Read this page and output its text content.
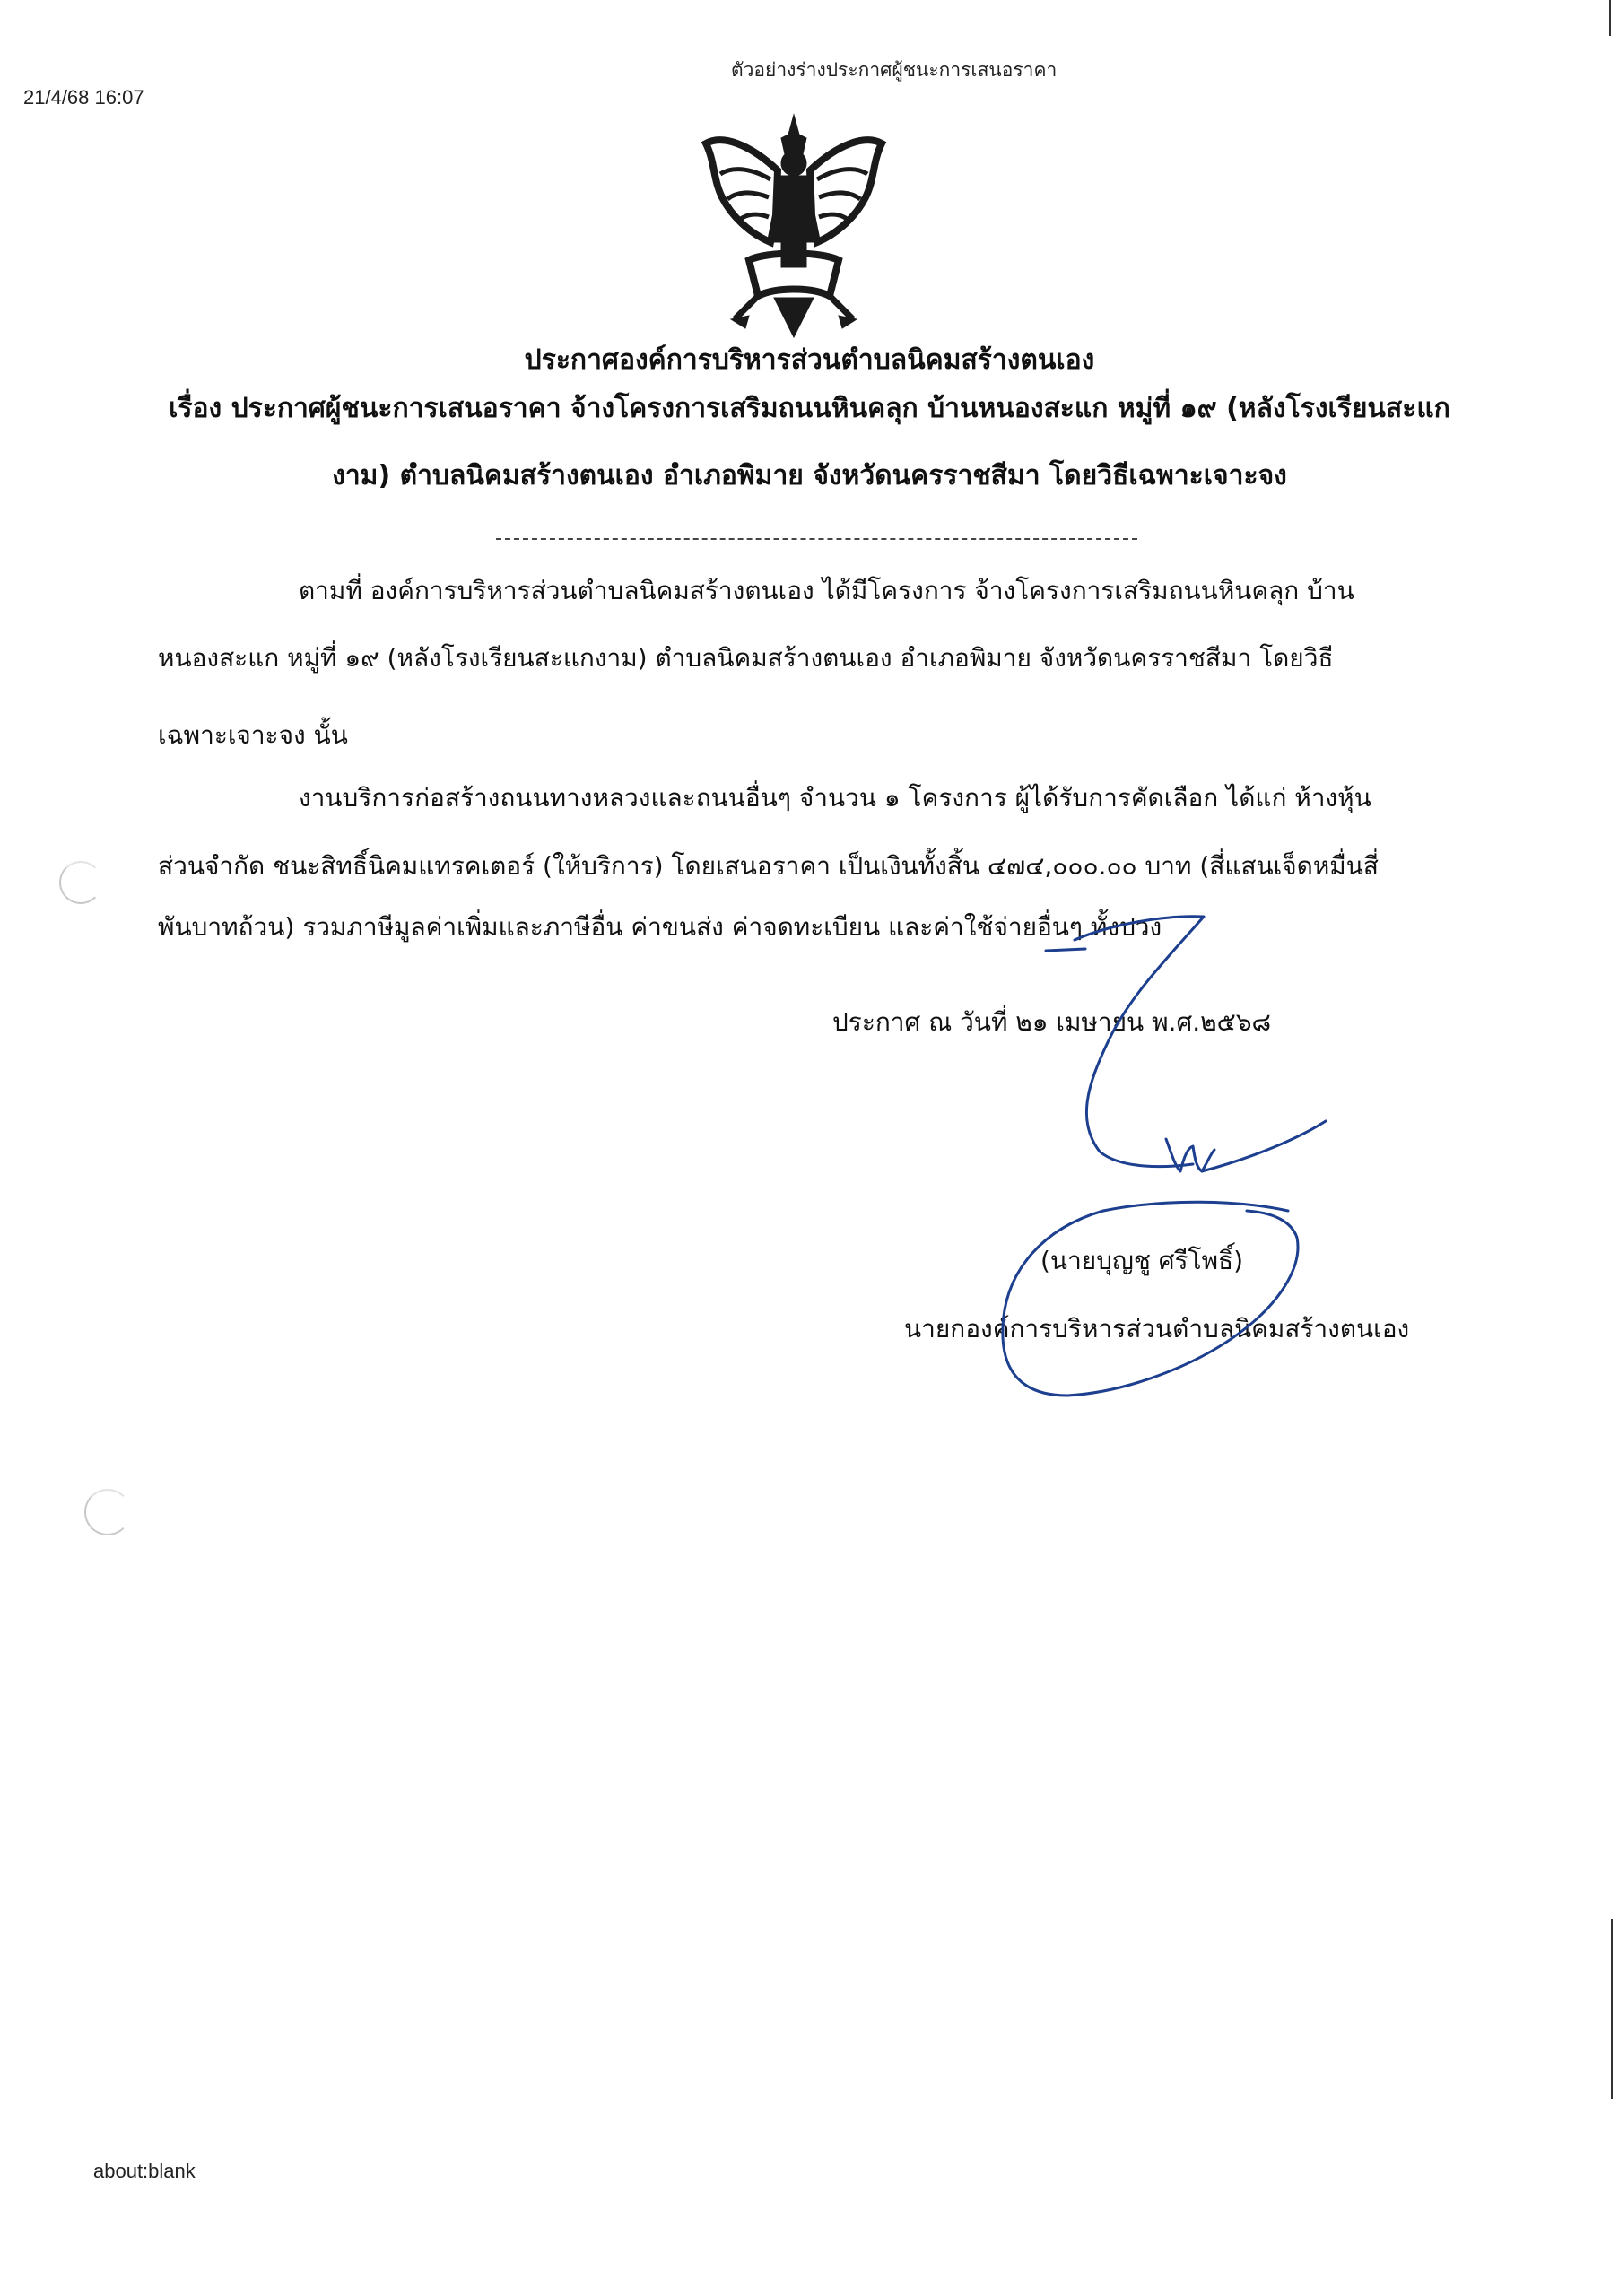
21/4/68 16:07
ตัวอย่างร่างประกาศผู้ชนะการเสนอราคา
ประกาศองค์การบริหารส่วนตำบลนิคมสร้างตนเอง
เรื่อง ประกาศผู้ชนะการเสนอราคา จ้างโครงการเสริมถนนหินคลุก บ้านหนองสะแก หมู่ที่ ๑๙ (หลังโรงเรียนสะแก
งาม) ตำบลนิคมสร้างตนเอง อำเภอพิมาย จังหวัดนครราชสีมา โดยวิธีเฉพาะเจาะจง
ตามที่ องค์การบริหารส่วนตำบลนิคมสร้างตนเอง ได้มีโครงการ จ้างโครงการเสริมถนนหินคลุก บ้าน
หนองสะแก หมู่ที่ ๑๙ (หลังโรงเรียนสะแกงาม) ตำบลนิคมสร้างตนเอง อำเภอพิมาย จังหวัดนครราชสีมา โดยวิธี
เฉพาะเจาะจง นั้น
งานบริการก่อสร้างถนนทางหลวงและถนนอื่นๆ จำนวน ๑ โครงการ ผู้ได้รับการคัดเลือก ได้แก่ ห้างหุ้น
ส่วนจำกัด ชนะสิทธิ์นิคมแทรคเตอร์ (ให้บริการ) โดยเสนอราคา เป็นเงินทั้งสิ้น ๔๗๔,๐๐๐.๐๐ บาท (สี่แสนเจ็ดหมื่นสี่
พันบาทถ้วน) รวมภาษีมูลค่าเพิ่มและภาษีอื่น ค่าขนส่ง ค่าจดทะเบียน และค่าใช้จ่ายอื่นๆ ทั้งปวง
ประกาศ ณ วันที่ ๒๑ เมษายน พ.ศ.๒๕๖๘
(นายบุญชู ศรีโพธิ์)
นายกองค์การบริหารส่วนตำบลนิคมสร้างตนเอง
about:blank
